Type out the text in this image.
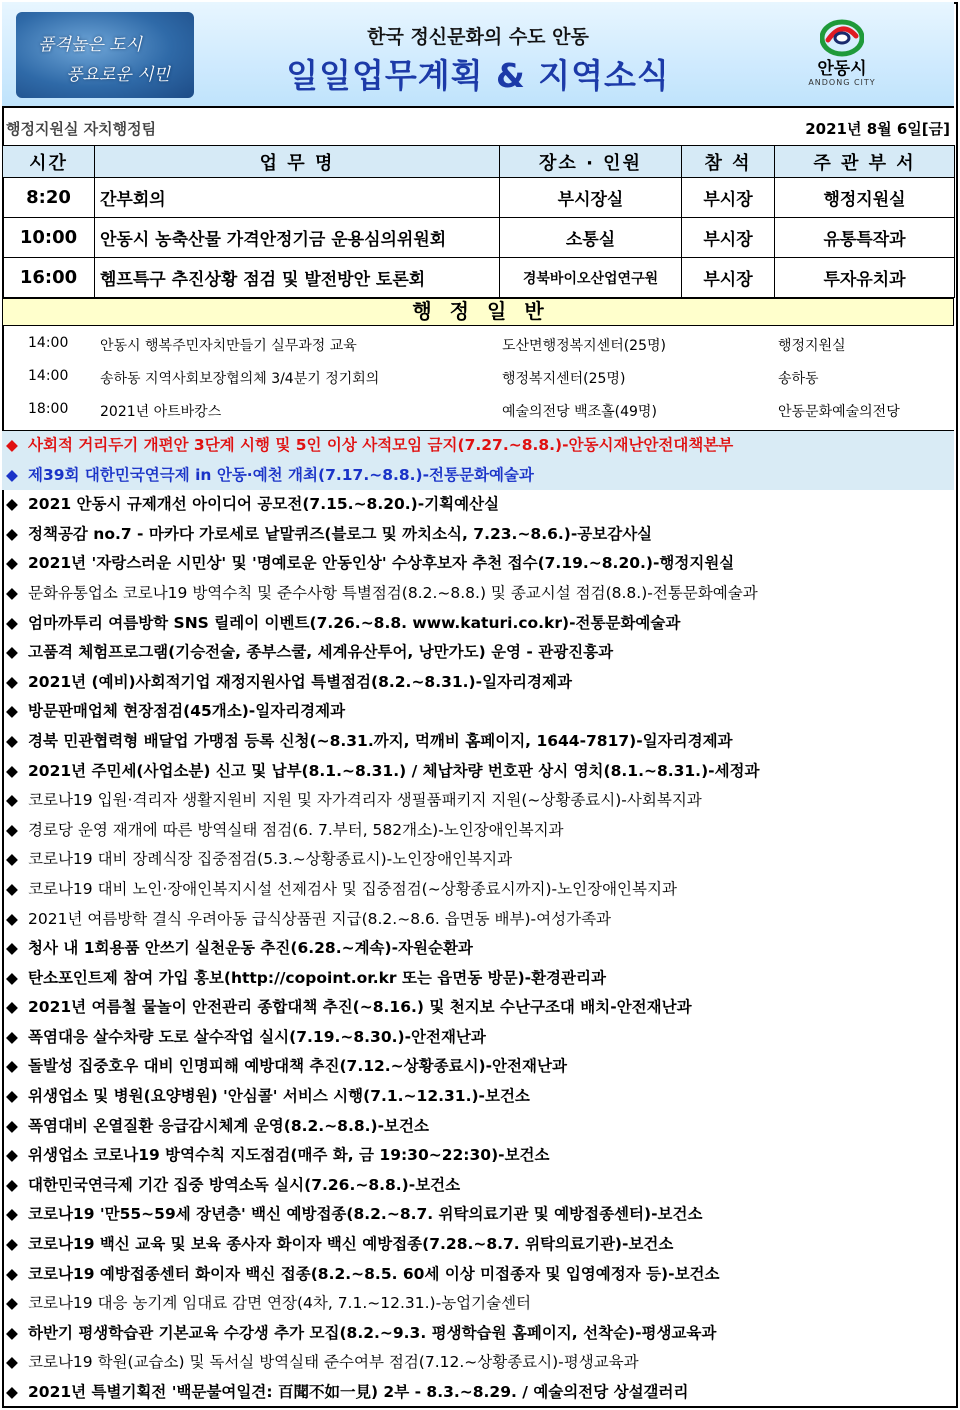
품격높은 도시
풍요로운 시민
한국 정신문화의 수도 안동
일일업무계획 & 지역소식	안동시
ANDONG CITY
행정지원실 자치행정팀	2021년 8월 6일[금]
시간	업 무 명	장소 · 인원	참 석	주 관 부 서
8:20	간부회의	부시장실	부시장	행정지원실
10:00	안동시 농축산물 가격안정기금 운용심의위원회	소통실	부시장	유통특작과
16:00	헴프특구 추진상황 점검 및 발전방안 토론회	경북바이오산업연구원	부시장	투자유치과
행정일반
14:00 안동시 행복주민자치만들기 실무과정 교육	도산면행정복지센터(25명)	행정지원실
14:00 송하동 지역사회보장협의체 3/4분기 정기회의	행정복지센터(25명)	송하동
18:00 2021년 아트바캉스	예술의전당 백조홀(49명)	안동문화예술의전당
◆ 사회적 거리두기 개편안 3단계 시행 및 5인 이상 사적모임 금지(7.27.~8.8.)-안동시재난안전대책본부
◆ 제39회 대한민국연극제 in 안동·예천 개최(7.17.~8.8.)-전통문화예술과
◆ 2021 안동시 규제개선 아이디어 공모전(7.15.~8.20.)-기획예산실
◆ 정책공감 no.7 - 마카다 가로세로 낱말퀴즈(블로그 및 까치소식, 7.23.~8.6.)-공보감사실
◆ 2021년 '자랑스러운 시민상' 및 '명예로운 안동인상' 수상후보자 추천 접수(7.19.~8.20.)-행정지원실
◆ 문화유통업소 코로나19 방역수칙 및 준수사항 특별점검(8.2.~8.8.) 및 종교시설 점검(8.8.)-전통문화예술과
◆ 엄마까투리 여름방학 SNS 릴레이 이벤트(7.26.~8.8. www.katuri.co.kr)-전통문화예술과
◆ 고품격 체험프로그램(기승전술, 종부스쿨, 세계유산투어, 낭만가도) 운영 - 관광진흥과
◆ 2021년 (예비)사회적기업 재정지원사업 특별점검(8.2.~8.31.)-일자리경제과
◆ 방문판매업체 현장점검(45개소)-일자리경제과
◆ 경북 민관협력형 배달업 가맹점 등록 신청(~8.31.까지, 먹깨비 홈페이지, 1644-7817)-일자리경제과
◆ 2021년 주민세(사업소분) 신고 및 납부(8.1.~8.31.) / 체납차량 번호판 상시 영치(8.1.~8.31.)-세정과
◆ 코로나19 입원·격리자 생활지원비 지원 및 자가격리자 생필품패키지 지원(~상황종료시)-사회복지과
◆ 경로당 운영 재개에 따른 방역실태 점검(6. 7.부터, 582개소)-노인장애인복지과
◆ 코로나19 대비 장례식장 집중점검(5.3.~상황종료시)-노인장애인복지과
◆ 코로나19 대비 노인·장애인복지시설 선제검사 및 집중점검(~상황종료시까지)-노인장애인복지과
◆ 2021년 여름방학 결식 우려아동 급식상품권 지급(8.2.~8.6. 읍면동 배부)-여성가족과
◆ 청사 내 1회용품 안쓰기 실천운동 추진(6.28.~계속)-자원순환과
◆ 탄소포인트제 참여 가입 홍보(http://copoint.or.kr 또는 읍면동 방문)-환경관리과
◆ 2021년 여름철 물놀이 안전관리 종합대책 추진(~8.16.) 및 천지보 수난구조대 배치-안전재난과
◆ 폭염대응 살수차량 도로 살수작업 실시(7.19.~8.30.)-안전재난과
◆ 돌발성 집중호우 대비 인명피해 예방대책 추진(7.12.~상황종료시)-안전재난과
◆ 위생업소 및 병원(요양병원) '안심콜' 서비스 시행(7.1.~12.31.)-보건소
◆ 폭염대비 온열질환 응급감시체계 운영(8.2.~8.8.)-보건소
◆ 위생업소 코로나19 방역수칙 지도점검(매주 화, 금 19:30~22:30)-보건소
◆ 대한민국연극제 기간 집중 방역소독 실시(7.26.~8.8.)-보건소
◆ 코로나19 '만55~59세 장년층' 백신 예방접종(8.2.~8.7. 위탁의료기관 및 예방접종센터)-보건소
◆ 코로나19 백신 교육 및 보육 종사자 화이자 백신 예방접종(7.28.~8.7. 위탁의료기관)-보건소
◆ 코로나19 예방접종센터 화이자 백신 접종(8.2.~8.5. 60세 이상 미접종자 및 입영예정자 등)-보건소
◆ 코로나19 대응 농기계 임대료 감면 연장(4차, 7.1.~12.31.)-농업기술센터
◆ 하반기 평생학습관 기본교육 수강생 추가 모집(8.2.~9.3. 평생학습원 홈페이지, 선착순)-평생교육과
◆ 코로나19 학원(교습소) 및 독서실 방역실태 준수여부 점검(7.12.~상황종료시)-평생교육과
◆ 2021년 특별기획전 '백문불여일견: 百聞不如一見) 2부 - 8.3.~8.29. / 예술의전당 상설갤러리
